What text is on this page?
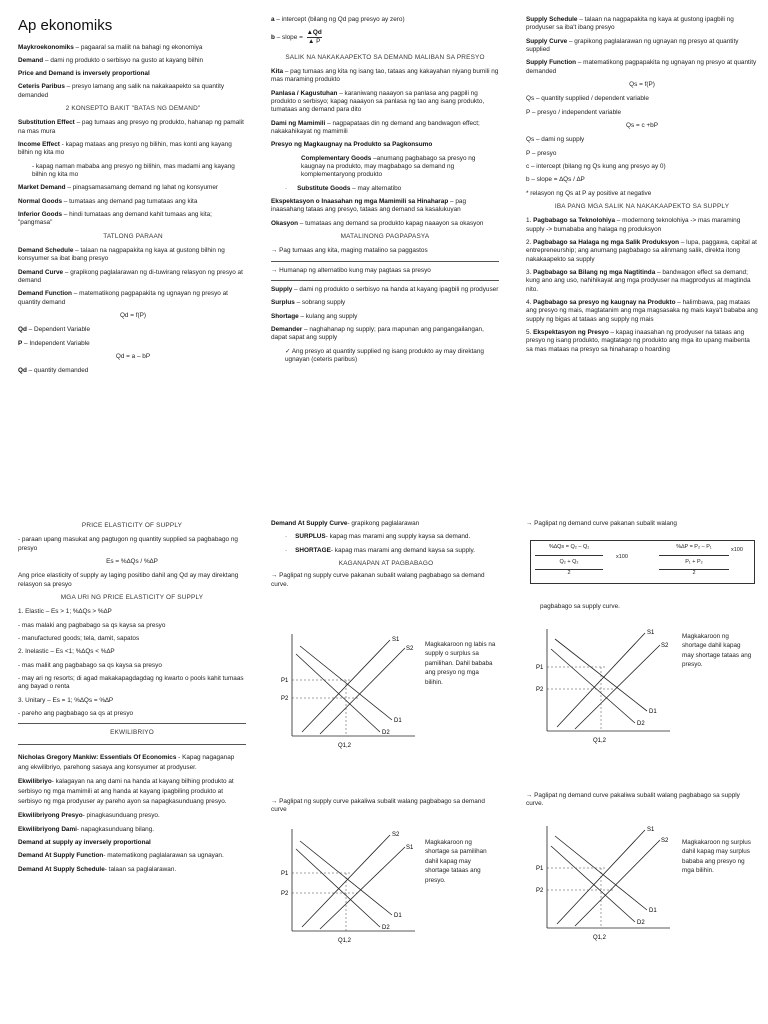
Ap ekonomiks

Maykroekonomiks – pagaaral sa maliit na bahagi ng ekonomiya

Demand – dami ng produkto o serbisyo na gusto at kayang bilhin

Price and Demand is inversely proportional

Ceteris Paribus – presyo lamang ang salik na nakakaapekto sa quantity demanded

2 KONSEPTO BAKIT "BATAS NG DEMAND"

Substitution Effect – pag tumaas ang presyo ng produkto, hahanap ng pamalit na mas mura

Income Effect - kapag mataas ang presyo ng bilihin, mas konti ang kayang bilhin ng kita mo

- kapag naman mababa ang presyo ng bilihin, mas madami ang kayang bilhin ng kita mo

Market Demand – pinagsamasamang demand ng lahat ng konsyumer

Normal Goods – tumataas ang demand pag tumataas ang kita

Inferior Goods – hindi tumataas ang demand kahit tumaas ang kita; "pangmasa"

TATLONG PARAAN

Demand Schedule – talaan na nagpapakita ng kaya at gustong bilhin ng konsyumer sa ibat ibang presyo

Demand Curve – grapikong paglalarawan ng di-tuwirang relasyon ng presyo at demand

Demand Function – matematikong pagpapakita ng ugnayan ng presyo at quantity demand

Qd = f(P)

Qd – Dependent Variable

P – Independent Variable

Qd = a – bP

Qd – quantity demanded

a – intercept (bilang ng Qd pag presyo ay zero)

b – slope = $\frac{▲Qd}{▲ P}$

SALIK NA NAKAKAAPEKTO SA DEMAND MALIBAN SA PRESYO

Kita – pag tumaas ang kita ng isang tao, tataas ang kakayahan niyang bumili ng mas maraming produkto

Panlasa / Kagustuhan – karaniwang naaayon sa panlasa ang pagpili ng produkto o serbisyo; kapag naaayon sa panlasa ng tao ang isang produkto, tumataas ang demand para dito

Dami ng Mamimili – nagpapataas din ng demand ang bandwagon effect; nakakahikayat ng mamimili

Presyo ng Magkaugnay na Produkto sa Pagkonsumo

Complementary Goods –anumang pagbabago sa presyo ng kaugnay na produkto, may magbabago sa demand ng komplementaryong produkto

· Substitute Goods – may alternatibo

Ekspektasyon o Inaasahan ng mga Mamimili sa Hinaharap – pag inaasahang tataas ang presyo, tataas ang demand sa kasalukuyan

Okasyon – tumataas ang demand sa produkto kapag naaayon sa okasyon

MATALINONG PAGPAPASYA

→ Pag tumaas ang kita, maging matalino sa paggastos

→ Humanap ng alternatibo kung may pagtaas sa presyo

Supply – dami ng produkto o serbisyo na handa at kayang ipagbili ng prodyuser

Surplus – sobrang supply

Shortage – kulang ang supply

Demander – naghahanap ng supply; para mapunan ang pangangailangan, dapat sapat ang supply

✓ Ang presyo at quantity supplied ng isang produkto ay may direktang ugnayan (ceteris paribus)

Supply Schedule – talaan na nagpapakita ng kaya at gustong ipagbili ng prodyuser sa iba't ibang presyo

Supply Curve – grapikong paglalarawan ng ugnayan ng presyo at quantity supplied

Supply Function – matematikong pagpapakita ng ugnayan ng presyo at quantity demanded

Qs = f(P)

Qs – quantity supplied / dependent variable

P – presyo / independent variable

Qs = c +bP

Qs – dami ng supply

P – presyo

c – intercept (bilang ng Qs kung ang presyo ay 0)

b – slope = ∆Qs / ∆P

* relasyon ng Qs at P ay positive at negative

IBA PANG MGA SALIK NA NAKAKAAPEKTO SA SUPPLY

1. Pagbabago sa Teknolohiya – modernong teknolohiya -> mas maraming supply -> bumababa ang halaga ng produksyon

2. Pagbabago sa Halaga ng mga Salik Produksyon – lupa, paggawa, capital at entrepreneurship; ang anumang pagbabago sa alinmang salik, direkta itong nakakaapekto sa supply

3. Pagbabago sa Bilang ng mga Nagtitinda – bandwagon effect sa demand; kung ano ang uso, nahihikayat ang mga prodyuser na magprodyus at magtinda nito.

4. Pagbabago sa presyo ng kaugnay na Produkto – halimbawa, pag mataas ang presyo ng mais, magtatanim ang mga magsasaka ng mais kaya't bababa ang supply ng bigas at tataas ang supply ng mais

5. Ekspektasyon ng Presyo – kapag inaasahan ng prodyuser na tataas ang presyo ng isang produkto, magtatago ng produkto ang mga ito upang maibenta sa mas mataas na presyo sa hinaharap o hoarding

PRICE ELASTICITY OF SUPPLY

- paraan upang masukat ang pagtugon ng quantity supplied sa pagbabago ng presyo

Es = %∆Qs / %∆P

Ang price elasticity of supply ay laging positibo dahil ang Qd ay may direktang relasyon sa presyo

MGA URI NG PRICE ELASTICITY OF SUPPLY

1. Elastic – Es > 1; %∆Qs > %∆P

- mas malaki ang pagbabago sa qs kaysa sa presyo

- manufactured goods; tela, damit, sapatos

2. Inelastic – Es <1; %∆Qs < %∆P

- mas maliit ang pagbabago sa qs kaysa sa presyo

- may ari ng resorts; di agad makakapagdagdag ng kwarto o pools kahit tumaas ang bayad o renta

3. Unitary – Es = 1; %∆Qs = %∆P

- pareho ang pagbabago sa qs at presyo

EKWILIBRIYO

Nicholas Gregory Mankiw: Essentials Of Economics - Kapag nagaganap ang ekwilibriyo, parehong sasaya ang konsyumer at prodyuser.

Ekwilibriyo- kalagayan na ang dami na handa at kayang bilhing produkto at serbisyo ng mga mamimili at ang handa at kayang ipagbiling produkto at serbisyo ng mga prodyuser ay pareho ayon sa napagkasunduang presyo.

Ekwilibriyong Presyo- pinagkasunduang presyo.

Ekwilibriyong Dami- napagkasunduang bilang.

Demand at supply ay inversely proportional

Demand At Supply Function- matematikong paglalarawan sa ugnayan.

Demand At Supply Schedule- talaan sa paglalarawan.

Demand At Supply Curve- grapikong paglalarawan

· SURPLUS- kapag mas marami ang supply kaysa sa demand.

· SHORTAGE- kapag mas marami ang demand kaysa sa supply.

KAGANAPAN AT PAGBABAGO

→ Paglipat ng supply curve pakanan subalit walang pagbabago sa demand curve.

S1
S2
P1
P2
D1
D2
Q1,2
Magkakaroon ng labis na supply o surplus sa pamilihan. Dahil bababa ang presyo ng mga bilihin.

→ Paglipat ng supply curve pakaliwa subalit walang pagbabago sa demand curve

S2
S1
P1
P2
D1
D2
Q1,2
Magkakaroon ng shortage sa pamilihan dahil kapag may shortage tataas ang presyo.

→ Paglipat ng demand curve pakanan subalit walang

%∆Qs = Q₂ – Q₁
Q₂ + Q₂
2
x100
%∆P = P₂ – P₁
P₁ + P₂
2
x100

pagbabago sa supply curve.

S1
S2
P1
P2
D1
D2
Q1,2
Magkakaroon ng shortage dahil kapag may shortage tataas ang presyo.

→ Paglipat ng demand curve pakaliwa subalit walang pagbabago sa supply curve.

S1
S2
P1
P2
D1
D2
Q1,2
Magkakaroon ng surplus dahil kapag may surplus bababa ang presyo ng mga bilihin.
